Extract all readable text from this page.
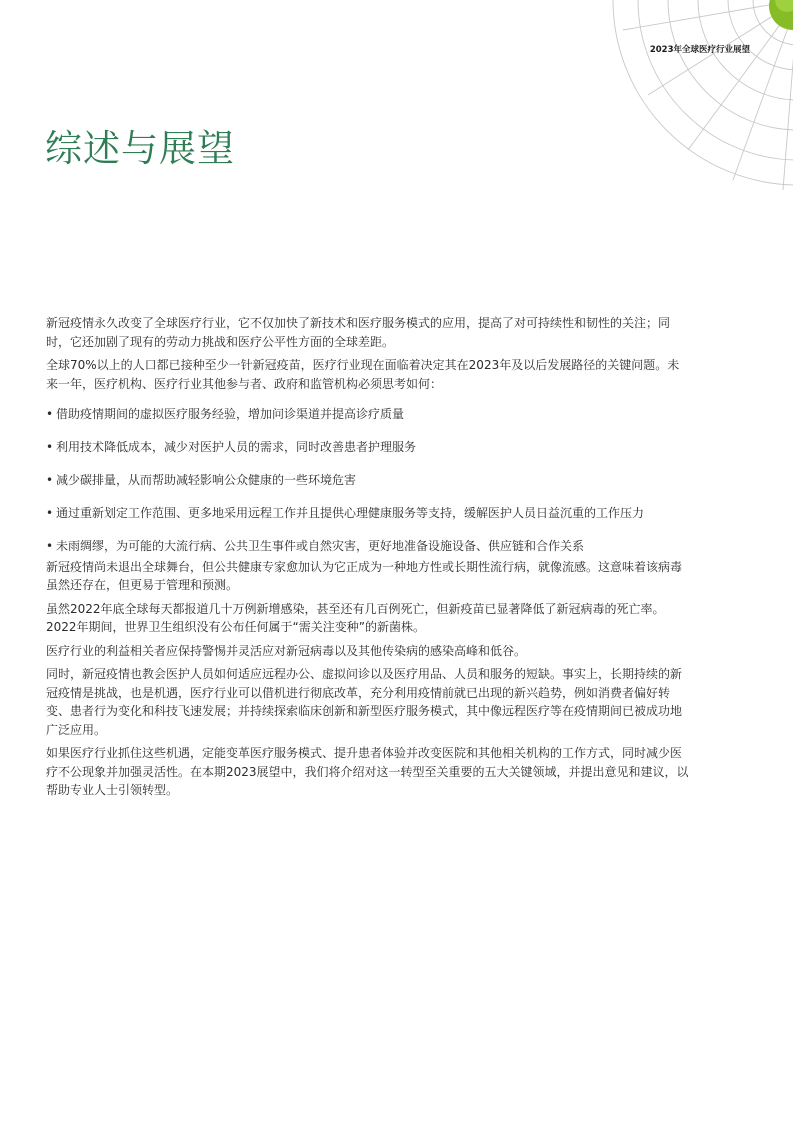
2023年全球医疗行业展望
综述与展望

新冠疫情永久改变了全球医疗行业，它不仅加快了新技术和医疗服务模式的应用，提高了对可持续性和韧性的关注；同时，它还加剧了现有的劳动力挑战和医疗公平性方面的全球差距。

全球70%以上的人口都已接种至少一针新冠疫苗，医疗行业现在面临着决定其在2023年及以后发展路径的关键问题。未来一年，医疗机构、医疗行业其他参与者、政府和监管机构必须思考如何：

• 借助疫情期间的虚拟医疗服务经验，增加问诊渠道并提高诊疗质量
• 利用技术降低成本，减少对医护人员的需求，同时改善患者护理服务
• 减少碳排量，从而帮助减轻影响公众健康的一些环境危害
• 通过重新划定工作范围、更多地采用远程工作并且提供心理健康服务等支持，缓解医护人员日益沉重的工作压力
• 未雨绸缪，为可能的大流行病、公共卫生事件或自然灾害，更好地准备设施设备、供应链和合作关系

新冠疫情尚未退出全球舞台，但公共健康专家愈加认为它正成为一种地方性或长期性流行病，就像流感。这意味着该病毒虽然还存在，但更易于管理和预测。

虽然2022年底全球每天都报道几十万例新增感染，甚至还有几百例死亡，但新疫苗已显著降低了新冠病毒的死亡率。2022年期间，世界卫生组织没有公布任何属于“需关注变种”的新菌株。

医疗行业的利益相关者应保持警惕并灵活应对新冠病毒以及其他传染病的感染高峰和低谷。

同时，新冠疫情也教会医护人员如何适应远程办公、虚拟问诊以及医疗用品、人员和服务的短缺。事实上，长期持续的新冠疫情是挑战，也是机遇，医疗行业可以借机进行彻底改革，充分利用疫情前就已出现的新兴趋势，例如消费者偏好转变、患者行为变化和科技飞速发展；并持续探索临床创新和新型医疗服务模式，其中像远程医疗等在疫情期间已被成功地广泛应用。

如果医疗行业抓住这些机遇，定能变革医疗服务模式、提升患者体验并改变医院和其他相关机构的工作方式，同时减少医疗不公现象并加强灵活性。在本期2023展望中，我们将介绍对这一转型至关重要的五大关键领域，并提出意见和建议，以帮助专业人士引领转型。
